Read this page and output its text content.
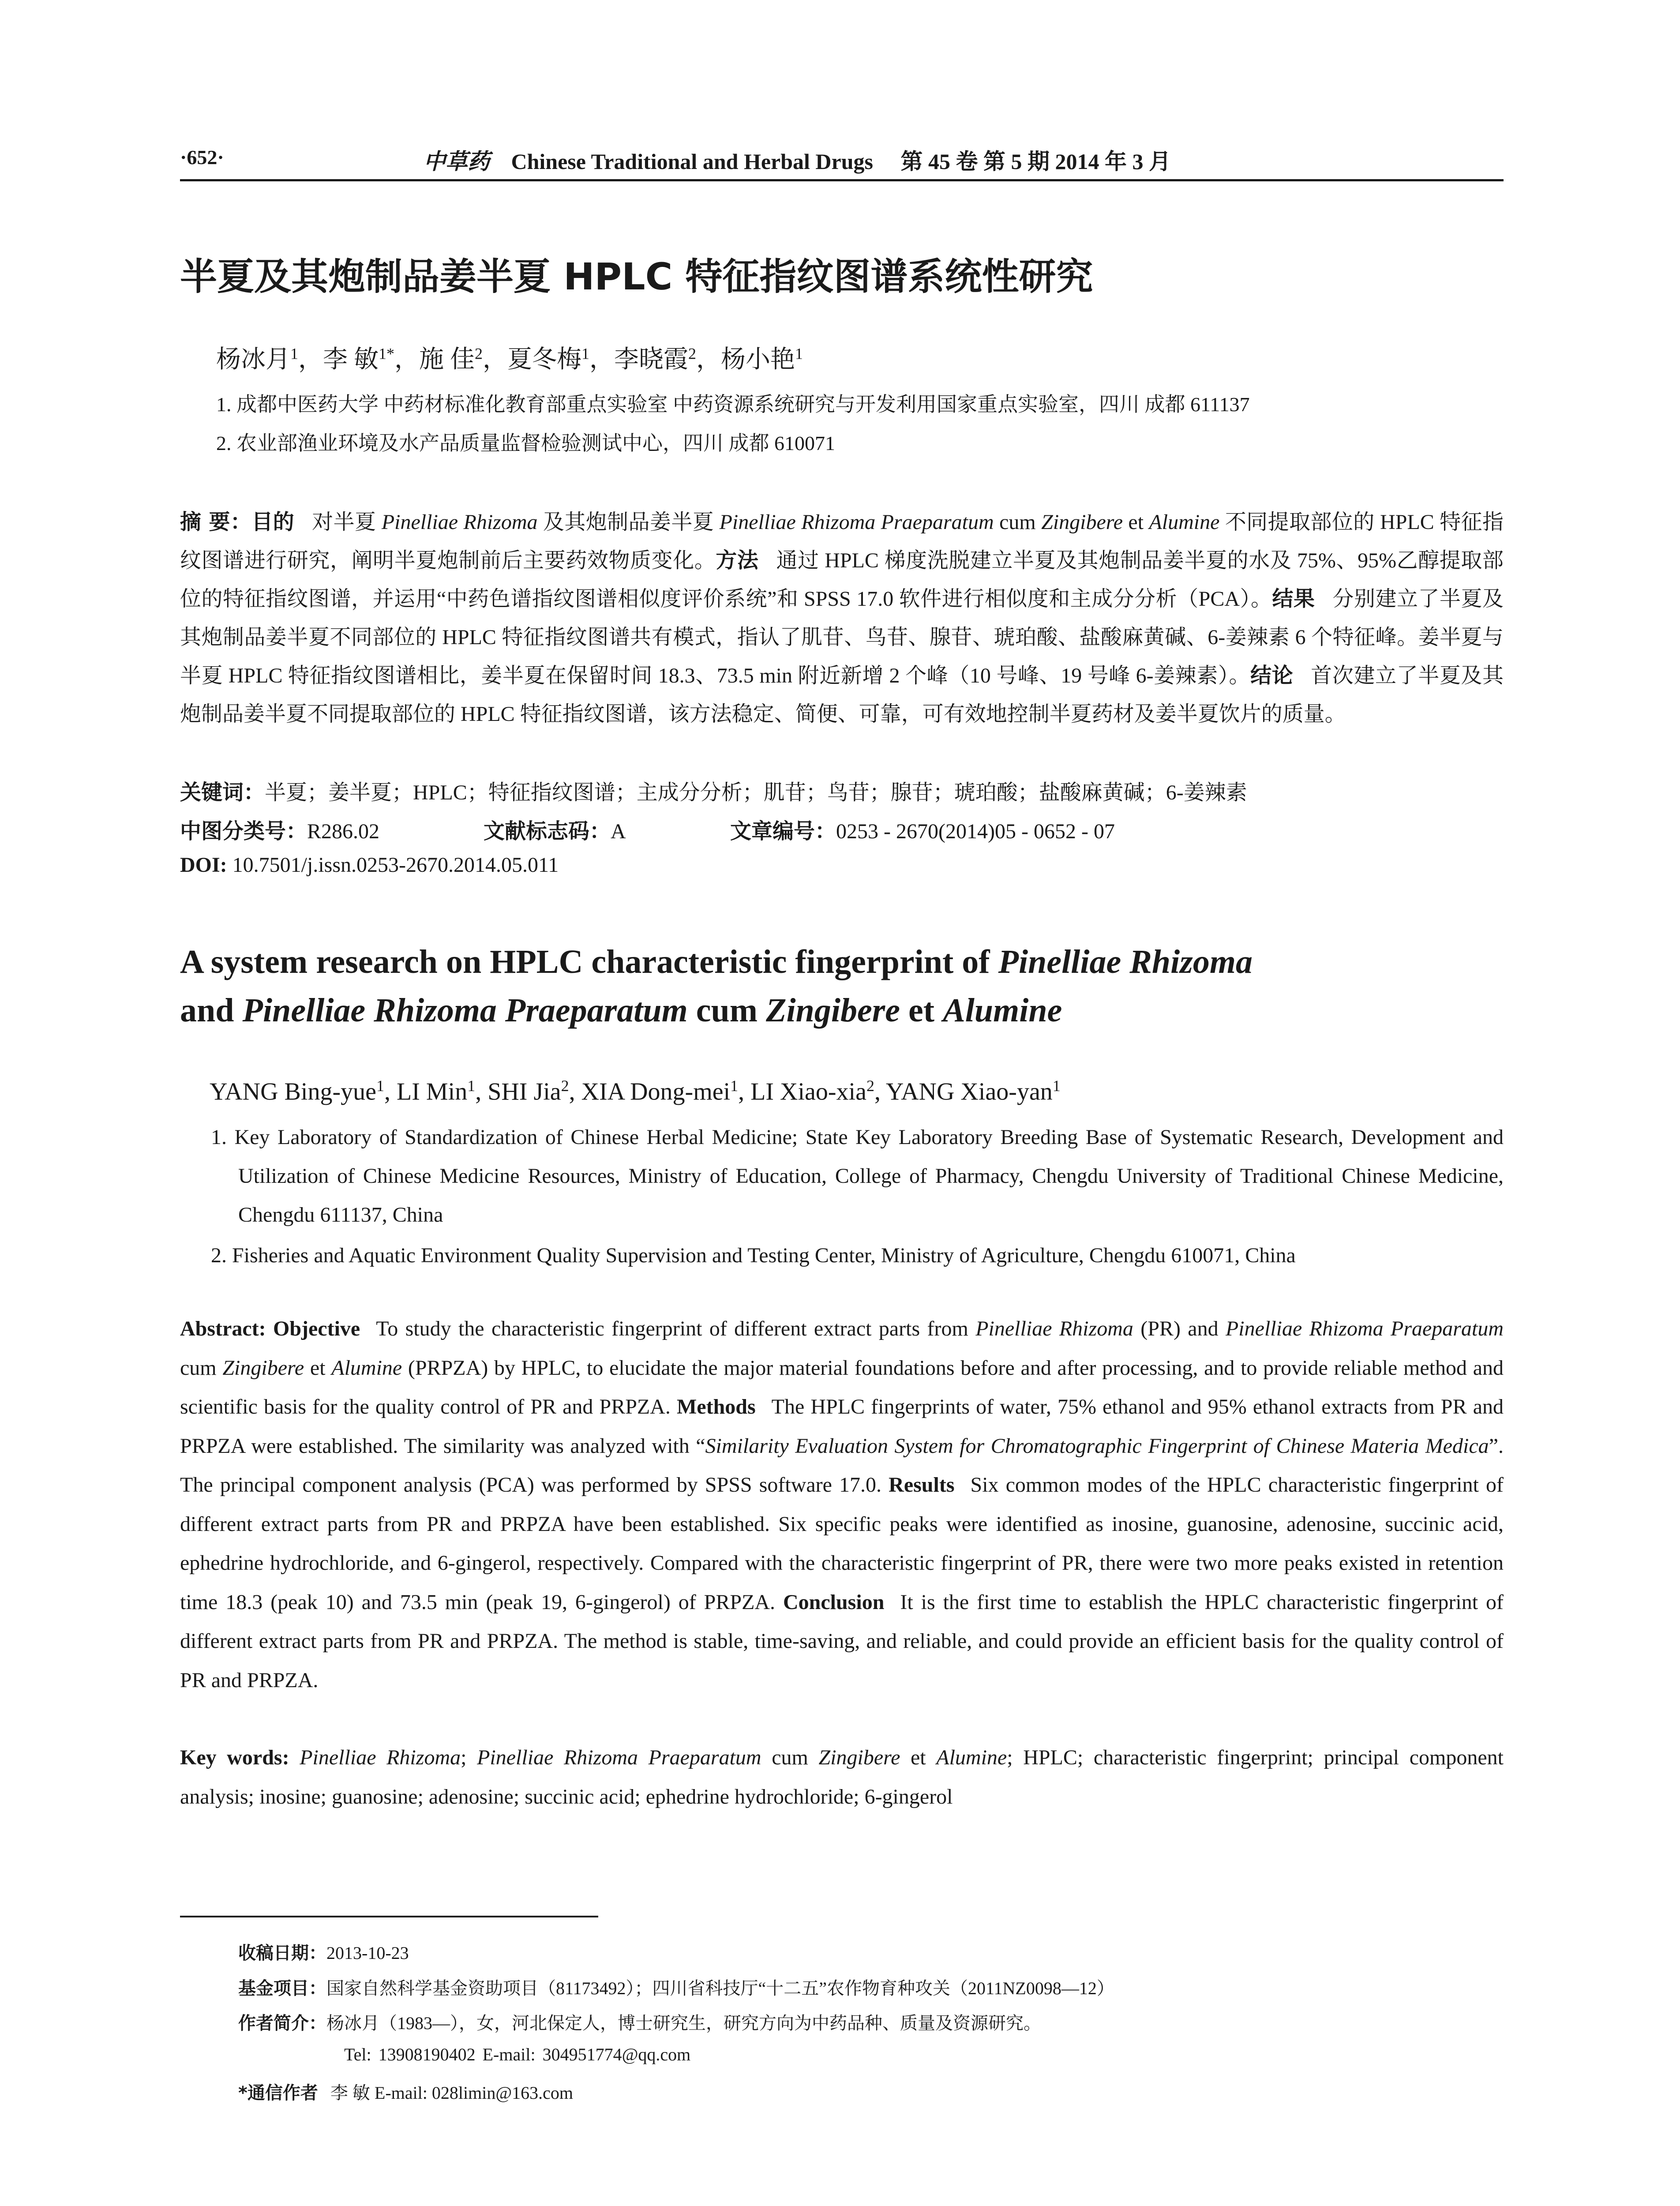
·652·	中草药 Chinese Traditional and Herbal Drugs 第 45 卷 第 5 期 2014 年 3 月
半夏及其炮制品姜半夏 HPLC 特征指纹图谱系统性研究
杨冰月$^1$，李 敏$^{1*}$，施 佳$^2$，夏冬梅$^1$，李晓霞$^2$，杨小艳$^1$
1. 成都中医药大学 中药材标准化教育部重点实验室 中药资源系统研究与开发利用国家重点实验室，四川 成都 611137
2. 农业部渔业环境及水产品质量监督检验测试中心，四川 成都 610071
摘 要：目的 对半夏 Pinelliae Rhizoma 及其炮制品姜半夏 Pinelliae Rhizoma Praeparatum cum Zingibere et Alumine 不同提取部位的 HPLC 特征指纹图谱进行研究，阐明半夏炮制前后主要药效物质变化。方法 通过 HPLC 梯度洗脱建立半夏及其炮制品姜半夏的水及 75%、95%乙醇提取部位的特征指纹图谱，并运用“中药色谱指纹图谱相似度评价系统”和 SPSS 17.0 软件进行相似度和主成分分析（PCA）。结果 分别建立了半夏及其炮制品姜半夏不同部位的 HPLC 特征指纹图谱共有模式，指认了肌苷、鸟苷、腺苷、琥珀酸、盐酸麻黄碱、6-姜辣素 6 个特征峰。姜半夏与半夏 HPLC 特征指纹图谱相比，姜半夏在保留时间 18.3、73.5 min 附近新增 2 个峰（10 号峰、19 号峰 6-姜辣素）。结论 首次建立了半夏及其炮制品姜半夏不同提取部位的 HPLC 特征指纹图谱，该方法稳定、简便、可靠，可有效地控制半夏药材及姜半夏饮片的质量。
关键词：半夏；姜半夏；HPLC；特征指纹图谱；主成分分析；肌苷；鸟苷；腺苷；琥珀酸；盐酸麻黄碱；6-姜辣素
中图分类号：R286.02	文献标志码：A	文章编号：0253 - 2670(2014)05 - 0652 - 07
DOI: 10.7501/j.issn.0253-2670.2014.05.011
A system research on HPLC characteristic fingerprint of Pinelliae Rhizoma
and Pinelliae Rhizoma Praeparatum cum Zingibere et Alumine
YANG Bing-yue$^1$, LI Min$^1$, SHI Jia$^2$, XIA Dong-mei$^1$, LI Xiao-xia$^2$, YANG Xiao-yan$^1$
1. Key Laboratory of Standardization of Chinese Herbal Medicine; State Key Laboratory Breeding Base of Systematic Research, Development and Utilization of Chinese Medicine Resources, Ministry of Education, College of Pharmacy, Chengdu University of Traditional Chinese Medicine, Chengdu 611137, China
2. Fisheries and Aquatic Environment Quality Supervision and Testing Center, Ministry of Agriculture, Chengdu 610071, China
Abstract: Objective To study the characteristic fingerprint of different extract parts from Pinelliae Rhizoma (PR) and Pinelliae Rhizoma Praeparatum cum Zingibere et Alumine (PRPZA) by HPLC, to elucidate the major material foundations before and after processing, and to provide reliable method and scientific basis for the quality control of PR and PRPZA. Methods The HPLC fingerprints of water, 75% ethanol and 95% ethanol extracts from PR and PRPZA were established. The similarity was analyzed with “Similarity Evaluation System for Chromatographic Fingerprint of Chinese Materia Medica”. The principal component analysis (PCA) was performed by SPSS software 17.0. Results Six common modes of the HPLC characteristic fingerprint of different extract parts from PR and PRPZA have been established. Six specific peaks were identified as inosine, guanosine, adenosine, succinic acid, ephedrine hydrochloride, and 6-gingerol, respectively. Compared with the characteristic fingerprint of PR, there were two more peaks existed in retention time 18.3 (peak 10) and 73.5 min (peak 19, 6-gingerol) of PRPZA. Conclusion It is the first time to establish the HPLC characteristic fingerprint of different extract parts from PR and PRPZA. The method is stable, time-saving, and reliable, and could provide an efficient basis for the quality control of PR and PRPZA.
Key words: Pinelliae Rhizoma; Pinelliae Rhizoma Praeparatum cum Zingibere et Alumine; HPLC; characteristic fingerprint; principal component analysis; inosine; guanosine; adenosine; succinic acid; ephedrine hydrochloride; 6-gingerol
收稿日期：2013-10-23
基金项目：国家自然科学基金资助项目（81173492）；四川省科技厅“十二五”农作物育种攻关（2011NZ0098—12）
作者简介：杨冰月（1983—），女，河北保定人，博士研究生，研究方向为中药品种、质量及资源研究。
Tel: 13908190402 E-mail: 304951774@qq.com
*通信作者 李 敏 E-mail: 028limin@163.com
